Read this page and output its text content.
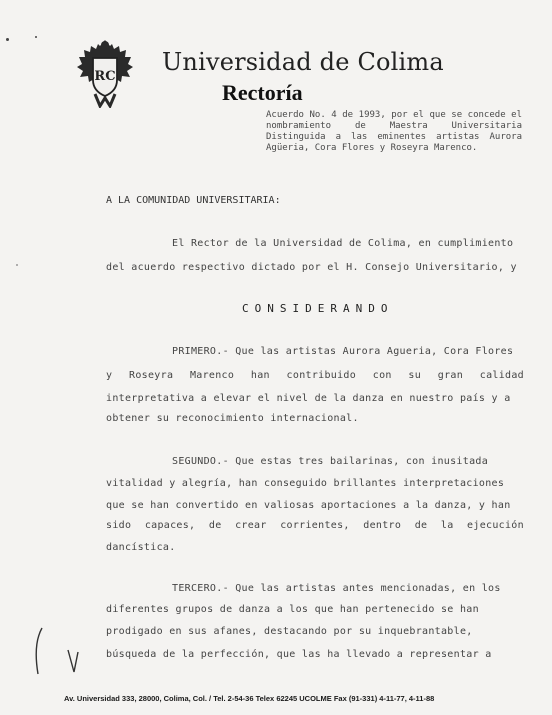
RC
Universidad de Colima
Rectoría
Acuerdo No. 4 de 1993, por el que se concede el nombramiento de Maestra Universitaria Distinguida a las eminentes artistas Aurora Agüeria, Cora Flores y Roseyra Marenco.
A LA COMUNIDAD UNIVERSITARIA:
El Rector de la Universidad de Colima, en cumplimiento
del acuerdo respectivo dictado por el H. Consejo Universitario, y
CONSIDERANDO
PRIMERO.- Que las artistas Aurora Agueria, Cora Flores
y Roseyra Marenco han contribuido con su gran calidad
interpretativa a elevar el nivel de la danza en nuestro país y a
obtener su reconocimiento internacional.
SEGUNDO.- Que estas tres bailarinas, con inusitada
vitalidad y alegría, han conseguido brillantes interpretaciones
que se han convertido en valiosas aportaciones a la danza, y han
sido capaces, de crear corrientes, dentro de la ejecución
dancística.
TERCERO.- Que las artistas antes mencionadas, en los
diferentes grupos de danza a los que han pertenecido se han
prodigado en sus afanes, destacando por su inquebrantable,
búsqueda de la perfección, que las ha llevado a representar a
Av. Universidad 333, 28000, Colima, Col. / Tel. 2-54-36 Telex 62245 UCOLME Fax (91-331) 4-11-77, 4-11-88
